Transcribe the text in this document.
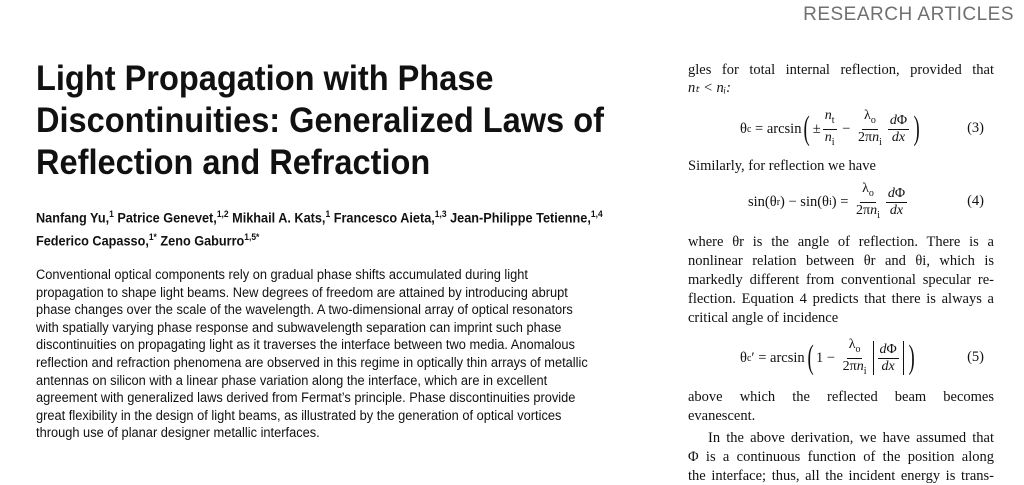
RESEARCH ARTICLES
Light Propagation with Phase
Discontinuities: Generalized Laws of
Reflection and Refraction
Nanfang Yu,$^1$ Patrice Genevet,$^{1,2}$ Mikhail A. Kats,$^1$ Francesco Aieta,$^{1,3}$ Jean-Philippe Tetienne,$^{1,4}$
Federico Capasso,$^{1*}$ Zeno Gaburro$^{1,5*}$
Conventional optical components rely on gradual phase shifts accumulated during light
propagation to shape light beams. New degrees of freedom are attained by introducing abrupt
phase changes over the scale of the wavelength. A two-dimensional array of optical resonators
with spatially varying phase response and subwavelength separation can imprint such phase
discontinuities on propagating light as it traverses the interface between two media. Anomalous
reflection and refraction phenomena are observed in this regime in optically thin arrays of metallic
antennas on silicon with a linear phase variation along the interface, which are in excellent
agreement with generalized laws derived from Fermat’s principle. Phase discontinuities provide
great flexibility in the design of light beams, as illustrated by the generation of optical vortices
through use of planar designer metallic interfaces.
gles for total internal reflection, provided that
nₜ < nᵢ:
θ c = arcsin ( ± $\frac{n_t}{n_i} - \frac{\lambda_o}{2\pi n_i} \frac{d\Phi}{dx}$ )	(3)
Similarly, for reflection we have
sin(θ r ) − sin(θ i ) = $\frac{\lambda_o}{2\pi n_i} \frac{d\Phi}{dx}$	(4)
where θr is the angle of reflection. There is a
nonlinear relation between θr and θi, which is
markedly different from conventional specular re-
flection. Equation 4 predicts that there is always a
critical angle of incidence
θ c ′ = arcsin ( $1 - \frac{\lambda_o}{2\pi n_i} \frac{d\Phi}{dx}$ )	(5)
above which the reflected beam becomes
evanescent.
In the above derivation, we have assumed that
Φ is a continuous function of the position along
the interface; thus, all the incident energy is trans-
